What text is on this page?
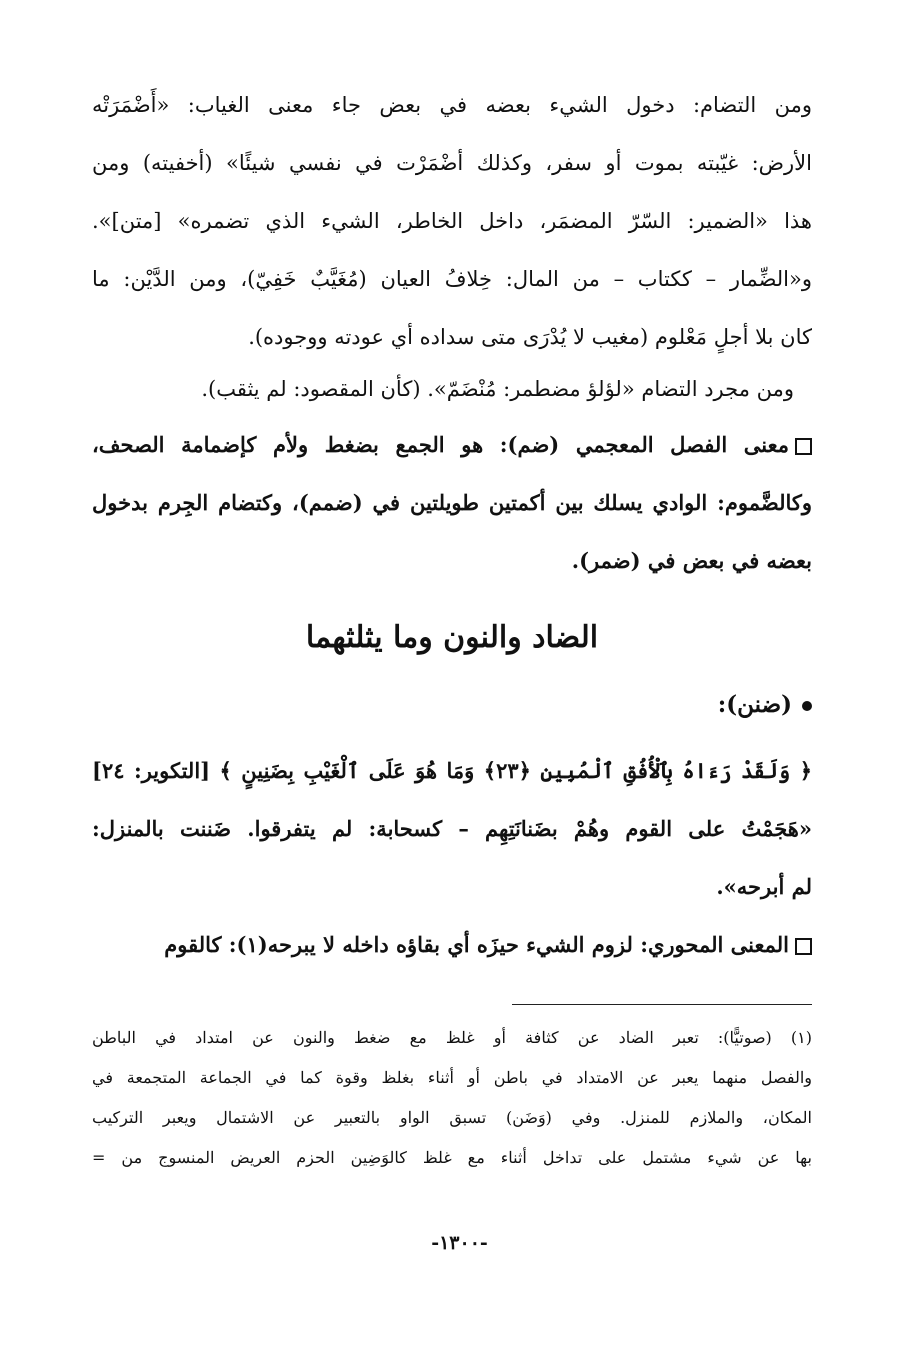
ومن التضام: دخول الشيء بعضه في بعض جاء معنى الغياب: «أَضْمَرَتْه
الأرض: غيّبته بموت أو سفر، وكذلك أضْمَرْت في نفسي شيئًا» (أخفيته) ومن
هذا «الضمير: السّرّ المضمَر، داخل الخاطر، الشيء الذي تضمره» [متن]».
و«الضِّمار – ككتاب – من المال: خِلافُ العيان (مُغَيَّبٌ خَفِيّ)، ومن الدَّيْن: ما
كان بلا أجلٍ مَعْلوم (مغيب لا يُدْرَى متى سداده أي عودته ووجوده).
ومن مجرد التضام «لؤلؤ مضطمر: مُنْضَمّ». (كأن المقصود: لم يثقب).
معنى الفصل المعجمي (ضم): هو الجمع بضغط ولأم كإضمامة الصحف،
وكالضَّموم: الوادي يسلك بين أكمتين طويلتين في (ضمم)، وكتضام الجِرم بدخول
بعضه في بعض في (ضمر).
الضاد والنون وما يثلثهما
(ضنن):
﴿ وَلَقَدْ رَءَاهُ بِٱلْأُفُقِ ٱلْمُبِينِ ﴿٢٣﴾ وَمَا هُوَ عَلَى ٱلْغَيْبِ بِضَنِينٍ ﴾ [التكوير: ٢٤]
«هَجَمْتُ على القوم وهُمْ بضَنانَتِهِم – كسحابة: لم يتفرقوا. ضَننت بالمنزل:
لم أبرحه».
المعنى المحوري: لزوم الشيء حيزَه أي بقاؤه داخله لا يبرحه(١): كالقوم
(١) (صوتيًّا): تعبر الضاد عن كثافة أو غلظ مع ضغط والنون عن امتداد في الباطن
والفصل منهما يعبر عن الامتداد في باطن أو أثناء بغلظ وقوة كما في الجماعة المتجمعة في
المكان، والملازم للمنزل. وفي (وَضَن) تسبق الواو بالتعبير عن الاشتمال ويعبر التركيب
بها عن شيء مشتمل على تداخل أثناء مع غلظ كالوَضِين الحزم العريض المنسوج من =
-١٣٠٠-
